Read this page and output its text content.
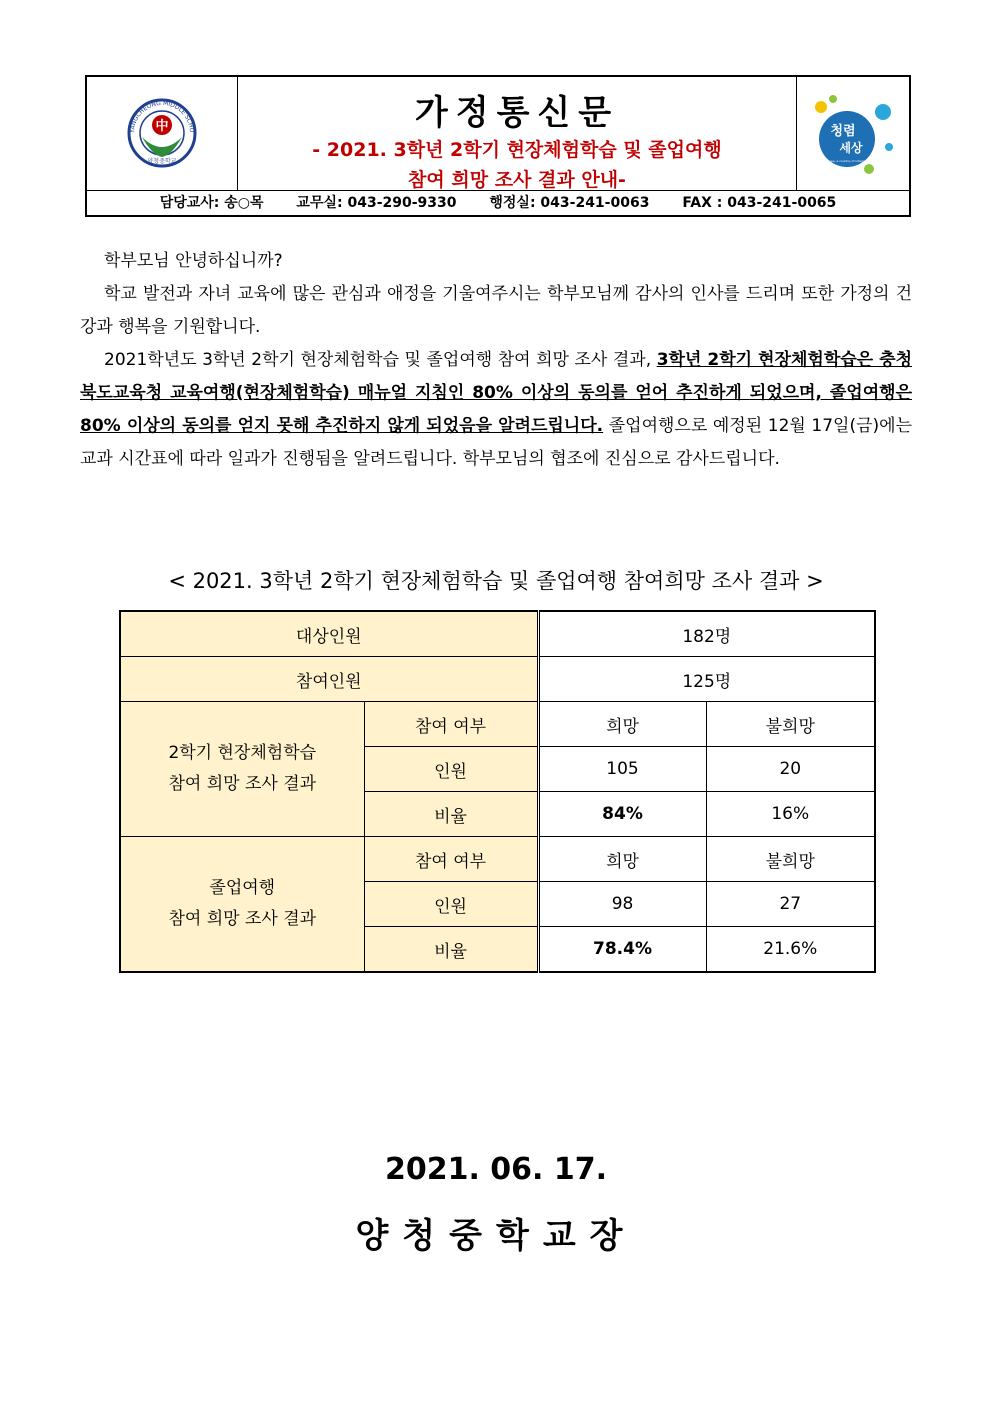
中
양청중학교
YANGCHEONG MIDDLE SCHO	가정통신문
- 2021. 3학년 2학기 현장체험학습 및 졸업여행
참여 희망 조사 결과 안내-
청렴
세상
Korea, a country of integrity
담당교사: 송○목 교무실: 043-290-9330 행정실: 043-241-0063 FAX : 043-241-0065

학부모님 안녕하십니까?

학교 발전과 자녀 교육에 많은 관심과 애정을 기울여주시는 학부모님께 감사의 인사를 드리며 또한 가정의 건강과 행복을 기원합니다.

2021학년도 3학년 2학기 현장체험학습 및 졸업여행 참여 희망 조사 결과, 3학년 2학기 현장체험학습은 충청북도교육청 교육여행(현장체험학습) 매뉴얼 지침인 80% 이상의 동의를 얻어 추진하게 되었으며, 졸업여행은 80% 이상의 동의를 얻지 못해 추진하지 않게 되었음을 알려드립니다. 졸업여행으로 예정된 12월 17일(금)에는 교과 시간표에 따라 일과가 진행됨을 알려드립니다. 학부모님의 협조에 진심으로 감사드립니다.

< 2021. 3학년 2학기 현장체험학습 및 졸업여행 참여희망 조사 결과 >
대상인원		182명	
참여인원		125명	
2학기 현장체험학습
참여 희망 조사 결과	참여 여부	희망	불희망
	인원	105	20
	비율	84%	16%
졸업여행
참여 희망 조사 결과	참여 여부	희망	불희망
	인원	98	27
	비율	78.4%	21.6%
2021. 06. 17.
양청중학교장
